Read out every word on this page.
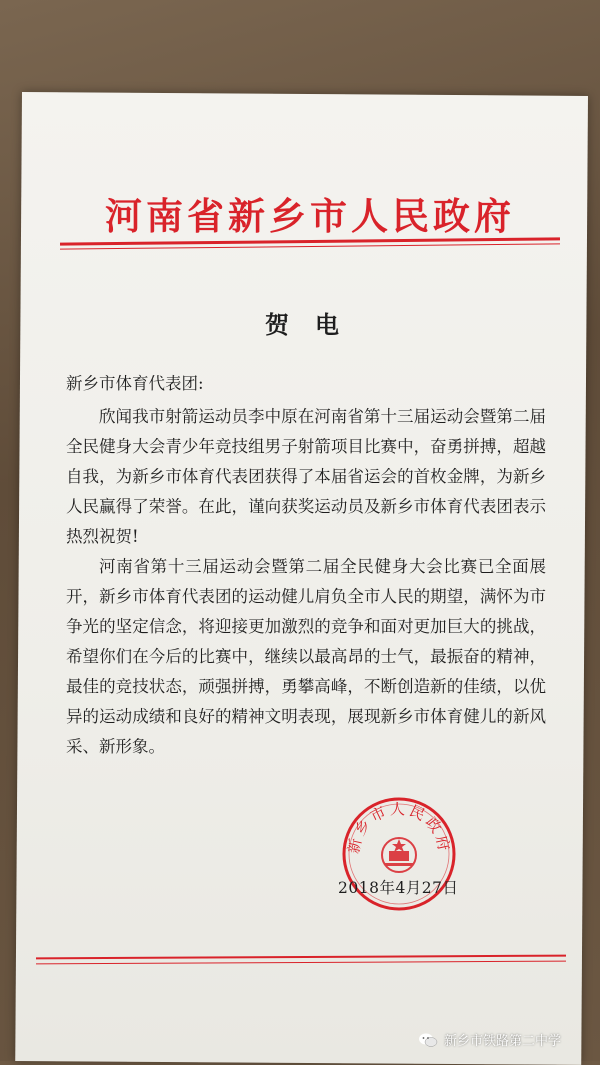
河南省新乡市人民政府
贺电
新乡市体育代表团:

欣闻我市射箭运动员李中原在河南省第十三届运动会暨第二届全民健身大会青少年竞技组男子射箭项目比赛中，奋勇拼搏，超越自我，为新乡市体育代表团获得了本届省运会的首枚金牌，为新乡人民赢得了荣誉。在此，谨向获奖运动员及新乡市体育代表团表示热烈祝贺!

河南省第十三届运动会暨第二届全民健身大会比赛已全面展开，新乡市体育代表团的运动健儿肩负全市人民的期望，满怀为市争光的坚定信念，将迎接更加激烈的竞争和面对更加巨大的挑战，希望你们在今后的比赛中，继续以最高昂的士气，最振奋的精神，最佳的竞技状态，顽强拼搏，勇攀高峰，不断创造新的佳绩，以优异的运动成绩和良好的精神文明表现，展现新乡市体育健儿的新风采、新形象。

新乡市人民政府
2018年4月27日
新乡市铁路第二中学
